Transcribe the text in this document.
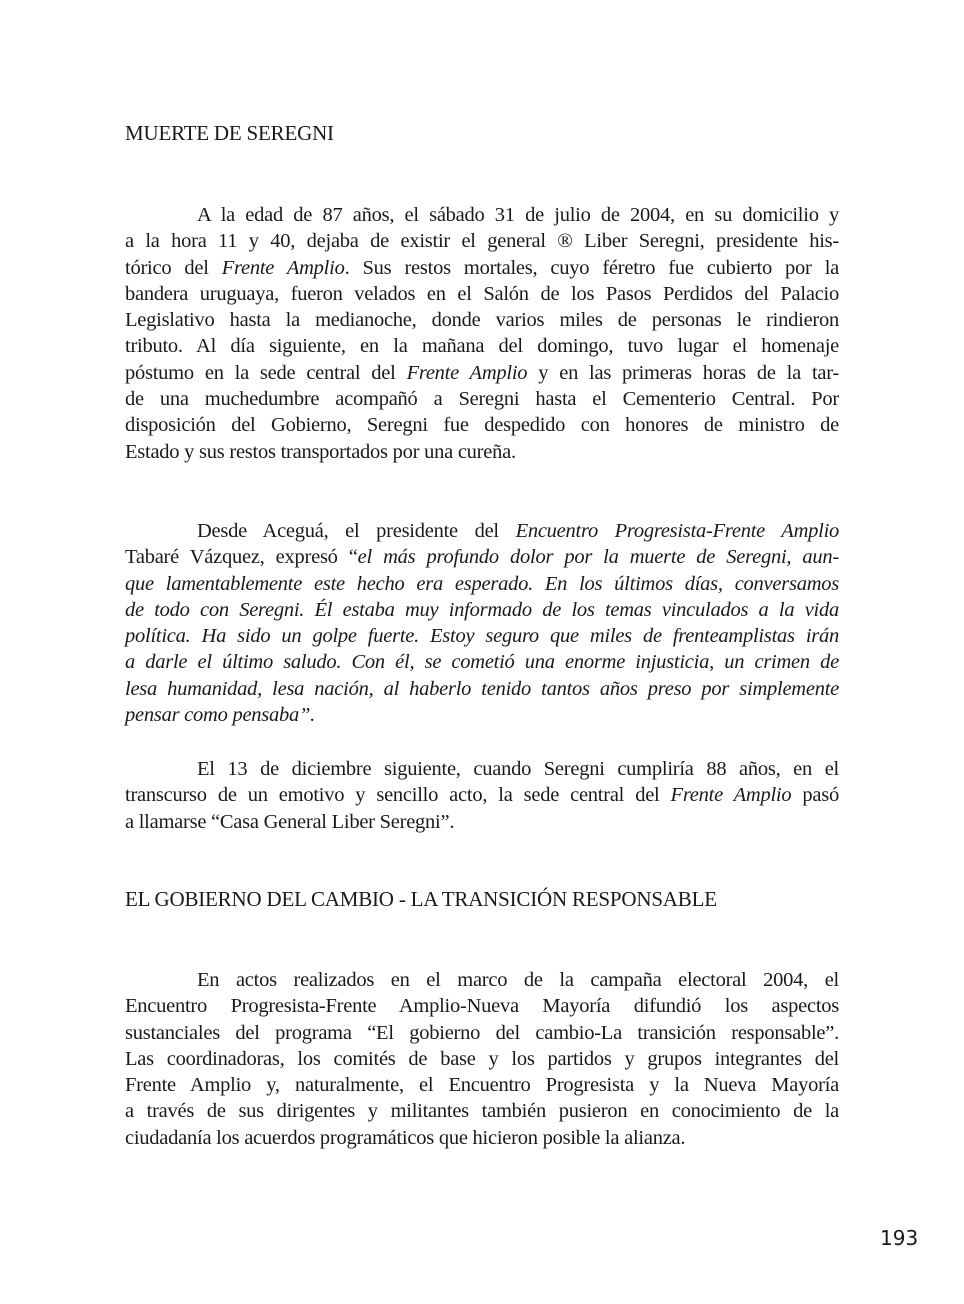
MUERTE DE SEREGNI
A la edad de 87 años, el sábado 31 de julio de 2004, en su domicilio y
a la hora 11 y 40, dejaba de existir el general ® Liber Seregni, presidente his-
tórico del Frente Amplio. Sus restos mortales, cuyo féretro fue cubierto por la
bandera uruguaya, fueron velados en el Salón de los Pasos Perdidos del Palacio
Legislativo hasta la medianoche, donde varios miles de personas le rindieron
tributo. Al día siguiente, en la mañana del domingo, tuvo lugar el homenaje
póstumo en la sede central del Frente Amplio y en las primeras horas de la tar-
de una muchedumbre acompañó a Seregni hasta el Cementerio Central. Por
disposición del Gobierno, Seregni fue despedido con honores de ministro de
Estado y sus restos transportados por una cureña.
Desde Aceguá, el presidente del Encuentro Progresista-Frente Amplio
Tabaré Vázquez, expresó “el más profundo dolor por la muerte de Seregni, aun-
que lamentablemente este hecho era esperado. En los últimos días, conversamos
de todo con Seregni. Él estaba muy informado de los temas vinculados a la vida
política. Ha sido un golpe fuerte. Estoy seguro que miles de frenteamplistas irán
a darle el último saludo. Con él, se cometió una enorme injusticia, un crimen de
lesa humanidad, lesa nación, al haberlo tenido tantos años preso por simplemente
pensar como pensaba”.
El 13 de diciembre siguiente, cuando Seregni cumpliría 88 años, en el
transcurso de un emotivo y sencillo acto, la sede central del Frente Amplio pasó
a llamarse “Casa General Liber Seregni”.
EL GOBIERNO DEL CAMBIO - LA TRANSICIÓN RESPONSABLE
En actos realizados en el marco de la campaña electoral 2004, el
Encuentro Progresista-Frente Amplio-Nueva Mayoría difundió los aspectos
sustanciales del programa “El gobierno del cambio-La transición responsable”.
Las coordinadoras, los comités de base y los partidos y grupos integrantes del
Frente Amplio y, naturalmente, el Encuentro Progresista y la Nueva Mayoría
a través de sus dirigentes y militantes también pusieron en conocimiento de la
ciudadanía los acuerdos programáticos que hicieron posible la alianza.
193
